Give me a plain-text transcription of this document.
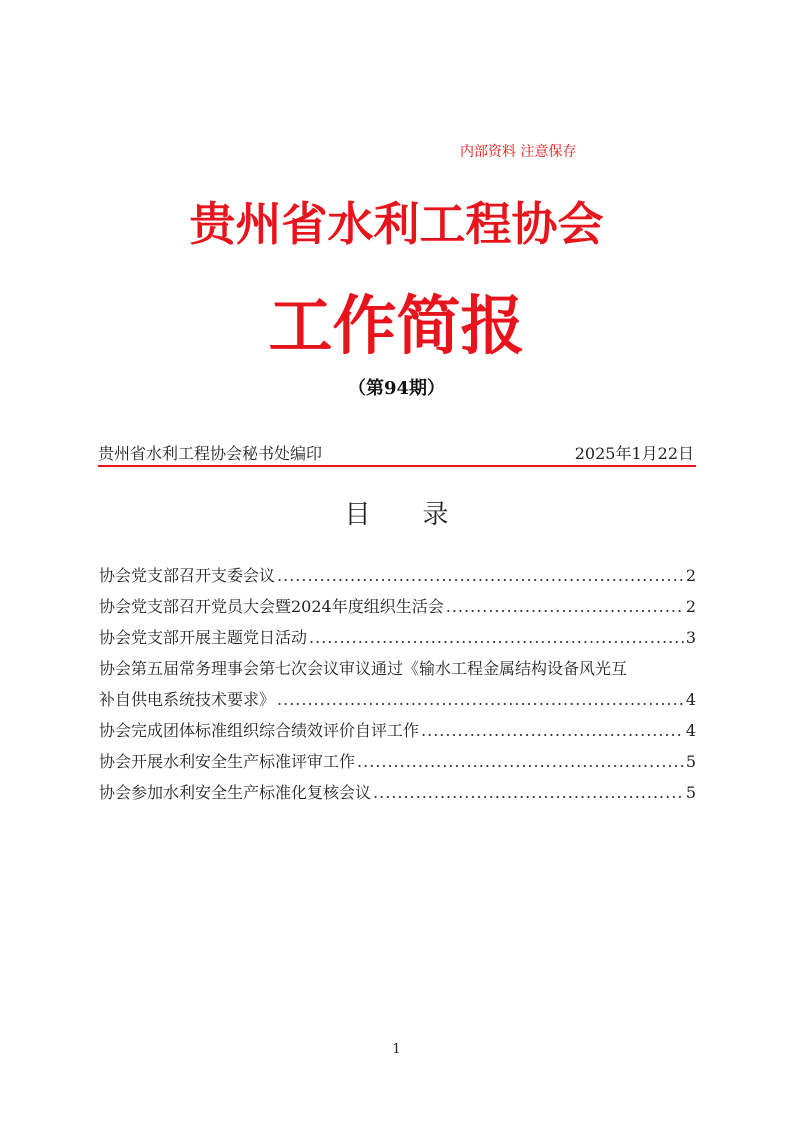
内部资料 注意保存
贵州省水利工程协会
工作简报
（第94期）
贵州省水利工程协会秘书处编印	2025年1月22日
目 录
协会党支部召开支委会议 .....	2
协会党支部召开党员大会暨2024年度组织生活会 .....	2
协会党支部开展主题党日活动 .....	3
协会第五届常务理事会第七次会议审议通过《输水工程金属结构设备风光互
补自供电系统技术要求》 .....	4
协会完成团体标准组织综合绩效评价自评工作 .....	4
协会开展水利安全生产标准评审工作 .....	5
协会参加水利安全生产标准化复核会议 .....	5
1
